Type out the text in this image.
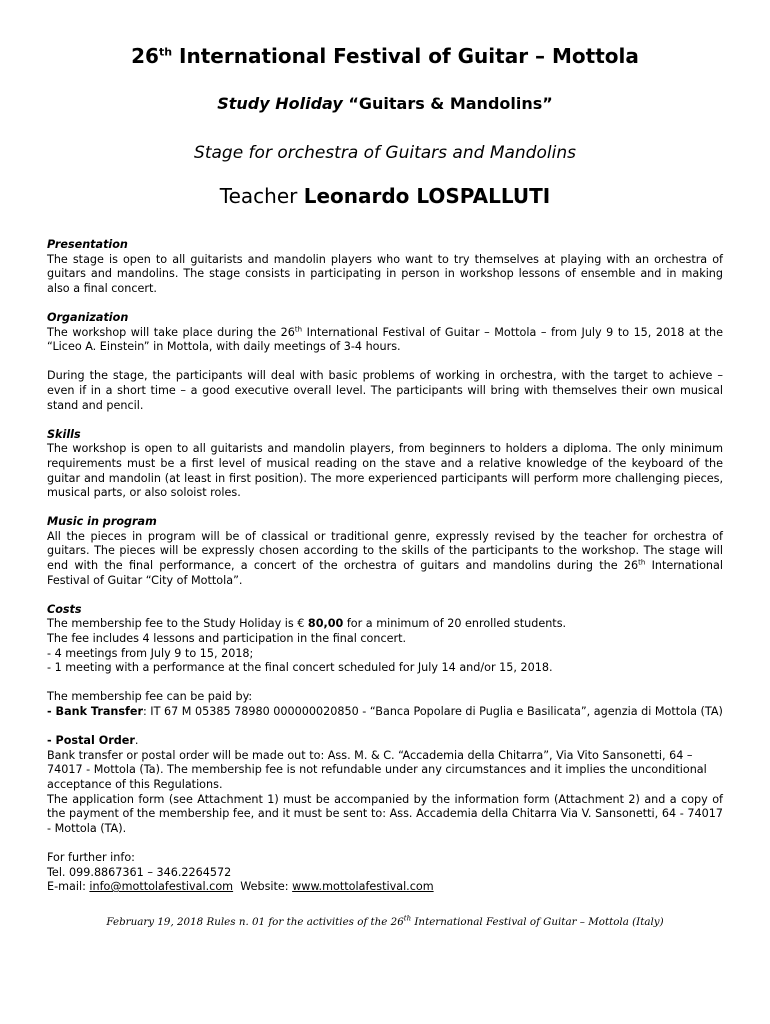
26th International Festival of Guitar – Mottola
Study Holiday “Guitars & Mandolins”

Stage for orchestra of Guitars and Mandolins

Teacher Leonardo LOSPALLUTI

Presentation

The stage is open to all guitarists and mandolin players who want to try themselves at playing with an orchestra of guitars and mandolins. The stage consists in participating in person in workshop lessons of ensemble and in making also a final concert.

Organization

The workshop will take place during the 26th International Festival of Guitar – Mottola – from July 9 to 15, 2018 at the “Liceo A. Einstein” in Mottola, with daily meetings of 3-4 hours.

During the stage, the participants will deal with basic problems of working in orchestra, with the target to achieve – even if in a short time – a good executive overall level. The participants will bring with themselves their own musical stand and pencil.

Skills

The workshop is open to all guitarists and mandolin players, from beginners to holders a diploma. The only minimum requirements must be a first level of musical reading on the stave and a relative knowledge of the keyboard of the guitar and mandolin (at least in first position). The more experienced participants will perform more challenging pieces, musical parts, or also soloist roles.

Music in program

All the pieces in program will be of classical or traditional genre, expressly revised by the teacher for orchestra of guitars. The pieces will be expressly chosen according to the skills of the participants to the workshop. The stage will end with the final performance, a concert of the orchestra of guitars and mandolins during the 26th International Festival of Guitar “City of Mottola”.

Costs

The membership fee to the Study Holiday is € 80,00 for a minimum of 20 enrolled students.

The fee includes 4 lessons and participation in the final concert.

- 4 meetings from July 9 to 15, 2018;

- 1 meeting with a performance at the final concert scheduled for July 14 and/or 15, 2018.

The membership fee can be paid by:

- Bank Transfer: IT 67 M 05385 78980 000000020850 - “Banca Popolare di Puglia e Basilicata”, agenzia di Mottola (TA)

- Postal Order.

Bank transfer or postal order will be made out to: Ass. M. & C. “Accademia della Chitarra”, Via Vito Sansonetti, 64 – 74017 - Mottola (Ta). The membership fee is not refundable under any circumstances and it implies the unconditional acceptance of this Regulations.

The application form (see Attachment 1) must be accompanied by the information form (Attachment 2) and a copy of the payment of the membership fee, and it must be sent to: Ass. Accademia della Chitarra Via V. Sansonetti, 64 - 74017 - Mottola (TA).

For further info:

Tel. 099.8867361 – 346.2264572

E-mail: info@mottolafestival.com  Website: www.mottolafestival.com

February 19, 2018 Rules n. 01 for the activities of the 26th International Festival of Guitar – Mottola (Italy)
